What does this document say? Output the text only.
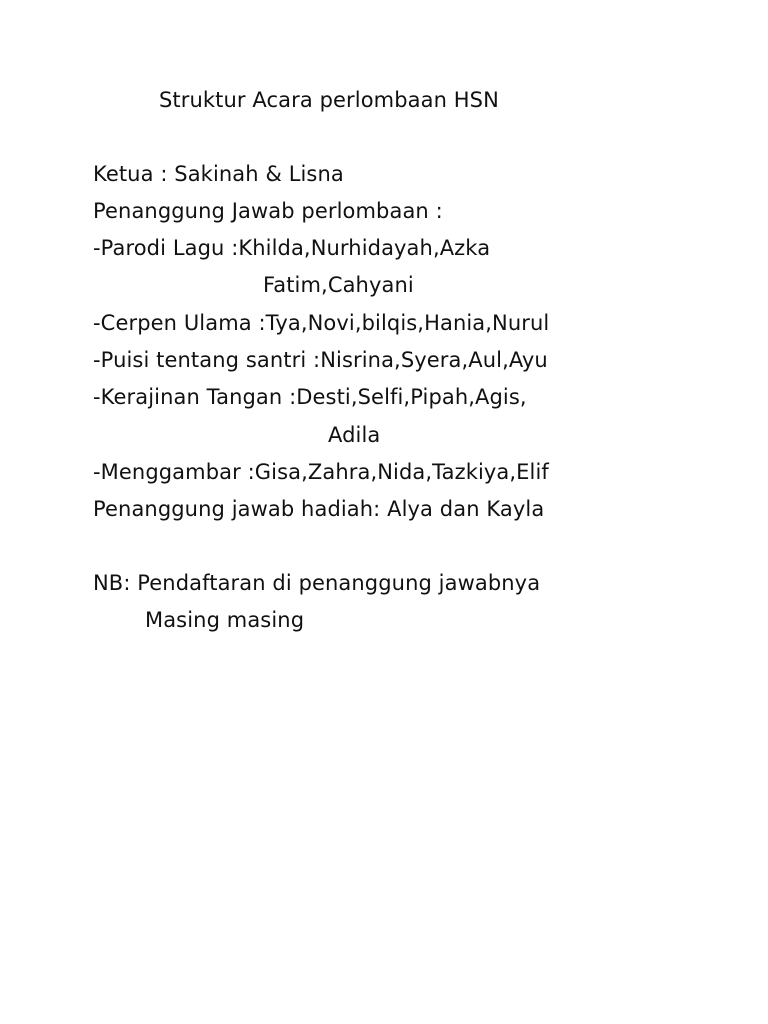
Struktur Acara perlombaan HSN
Ketua : Sakinah & Lisna
Penanggung Jawab perlombaan :
-Parodi Lagu :Khilda,Nurhidayah,Azka
Fatim,Cahyani
-Cerpen Ulama :Tya,Novi,bilqis,Hania,Nurul
-Puisi tentang santri :Nisrina,Syera,Aul,Ayu
-Kerajinan Tangan :Desti,Selfi,Pipah,Agis,
Adila
-Menggambar :Gisa,Zahra,Nida,Tazkiya,Elif
Penanggung jawab hadiah: Alya dan Kayla
NB: Pendaftaran di penanggung jawabnya
Masing masing
